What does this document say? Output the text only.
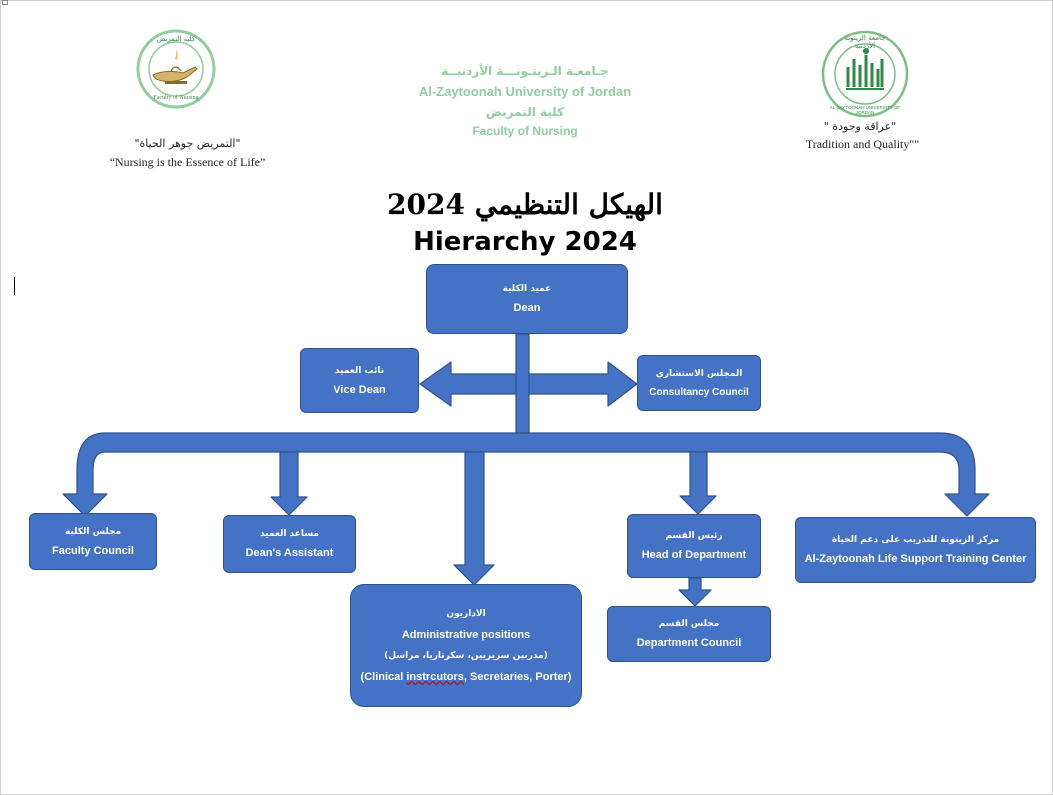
كلية التمريض
Faculty of Nursing
"التمريض جوهر الحياة"
“Nursing is the Essence of Life”
جـامعـة الـزيتـونـــة الأردنيــة
Al-Zaytoonah University of Jordan
كلية التمريض
Faculty of Nursing
جامعة الزيتونة الأردنية
AL-ZAYTOONAH UNIVERSITY OF JORDAN
" عراقة وجودة"
Tradition and Quality""
الهيكل التنظيمي 2024
Hierarchy 2024
عميد الكلية
Dean
نائب العميد
Vice Dean
المجلس الاستشاري
Consultancy Council
مجلس الكلية
Faculty Council
مساعد العميد
Dean's Assistant
الاداريون
Administrative positions
(مدربين سريريين، سكرتاريا، مراسل)
(Clinical instrcutors, Secretaries, Porter)
رئيس القسم
Head of Department
مجلس القسم
Department Council
مركز الزيتونة للتدريب على دعم الحياة
Al-Zaytoonah Life Support Training Center
